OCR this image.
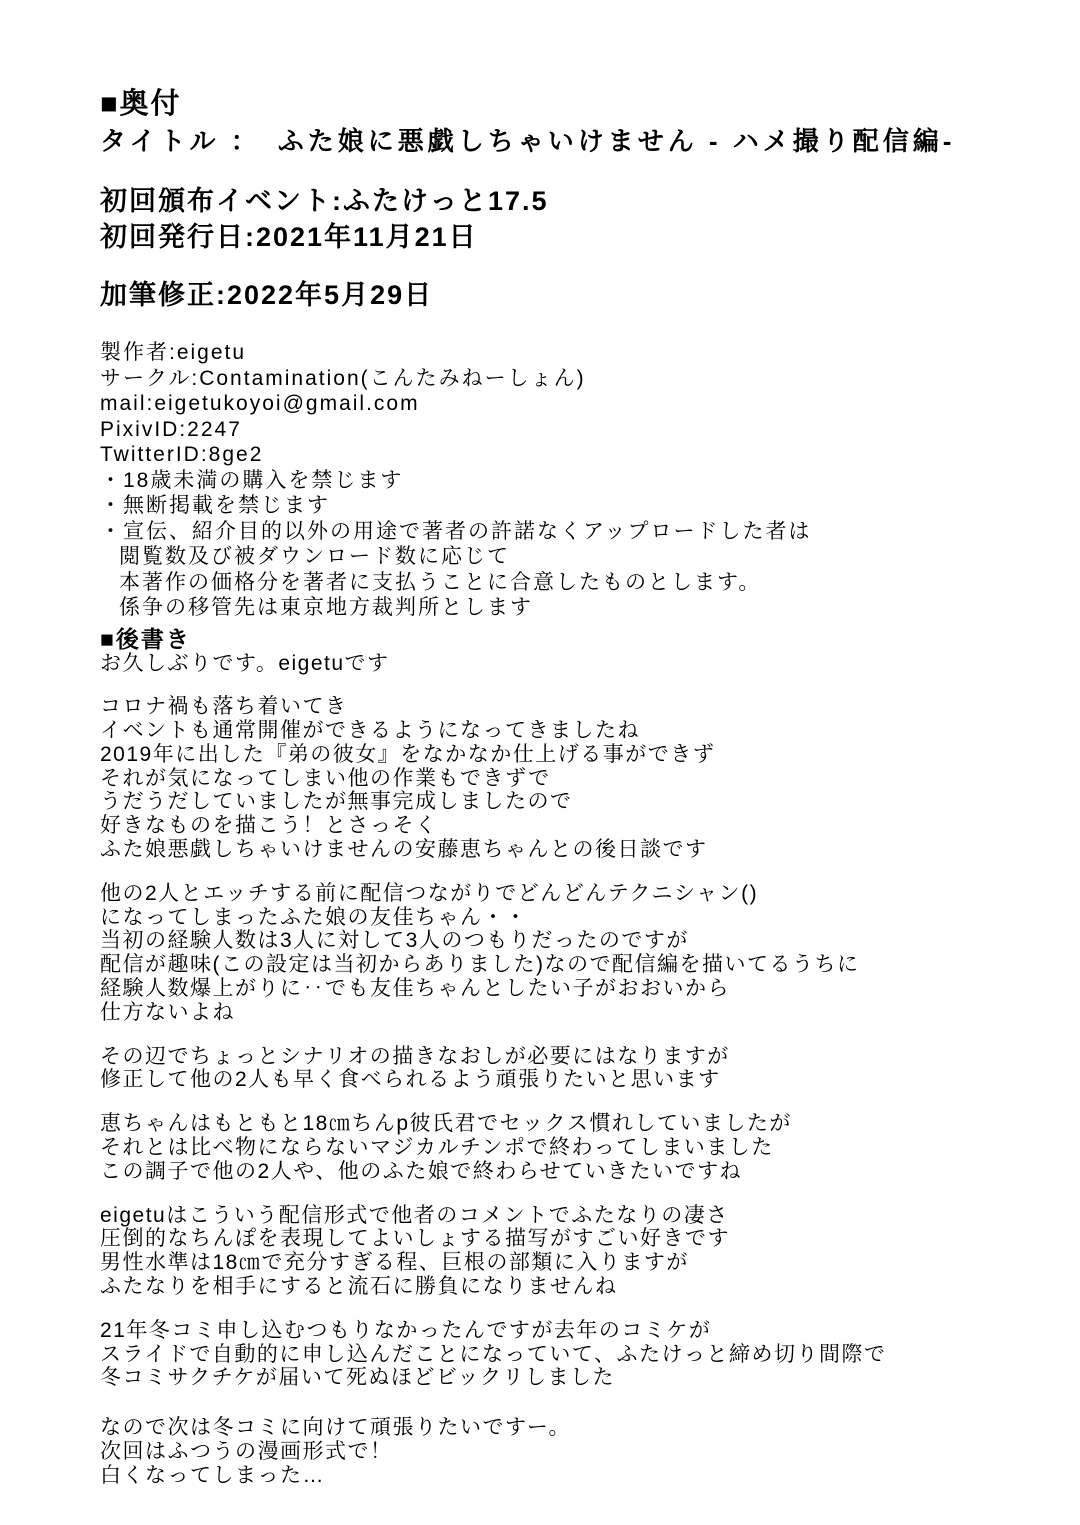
■奥付
タイトル ：　ふた娘に悪戯しちゃいけません - ハメ撮り配信編-
初回頒布イベント:ふたけっと17.5
初回発行日:2021年11月21日
加筆修正:2022年5月29日
製作者:eigetu
サークル:Contamination(こんたみねーしょん)
mail:eigetukoyoi@gmail.com
PixivID:2247
TwitterID:8ge2
・18歳未満の購入を禁じます
・無断掲載を禁じます
・宣伝、紹介目的以外の用途で著者の許諾なくアップロードした者は
閲覧数及び被ダウンロード数に応じて
本著作の価格分を著者に支払うことに合意したものとします。
係争の移管先は東京地方裁判所とします
■後書き
お久しぶりです。eigetuです
コロナ禍も落ち着いてき
イベントも通常開催ができるようになってきましたね
2019年に出した『弟の彼女』をなかなか仕上げる事ができず
それが気になってしまい他の作業もできずで
うだうだしていましたが無事完成しましたので
好きなものを描こう！とさっそく
ふた娘悪戯しちゃいけませんの安藤恵ちゃんとの後日談です
他の2人とエッチする前に配信つながりでどんどんテクニシャン()
になってしまったふた娘の友佳ちゃん・・
当初の経験人数は3人に対して3人のつもりだったのですが
配信が趣味(この設定は当初からありました)なので配信編を描いてるうちに
経験人数爆上がりに‥でも友佳ちゃんとしたい子がおおいから
仕方ないよね
その辺でちょっとシナリオの描きなおしが必要にはなりますが
修正して他の2人も早く食べられるよう頑張りたいと思います
恵ちゃんはもともと18㎝ちんp彼氏君でセックス慣れしていましたが
それとは比べ物にならないマジカルチンポで終わってしまいました
この調子で他の2人や、他のふた娘で終わらせていきたいですね
eigetuはこういう配信形式で他者のコメントでふたなりの凄さ
圧倒的なちんぽを表現してよいしょする描写がすごい好きです
男性水準は18㎝で充分すぎる程、巨根の部類に入りますが
ふたなりを相手にすると流石に勝負になりませんね
21年冬コミ申し込むつもりなかったんですが去年のコミケが
スライドで自動的に申し込んだことになっていて、ふたけっと締め切り間際で
冬コミサクチケが届いて死ぬほどビックリしました
なので次は冬コミに向けて頑張りたいですー。
次回はふつうの漫画形式で！
白くなってしまった…
